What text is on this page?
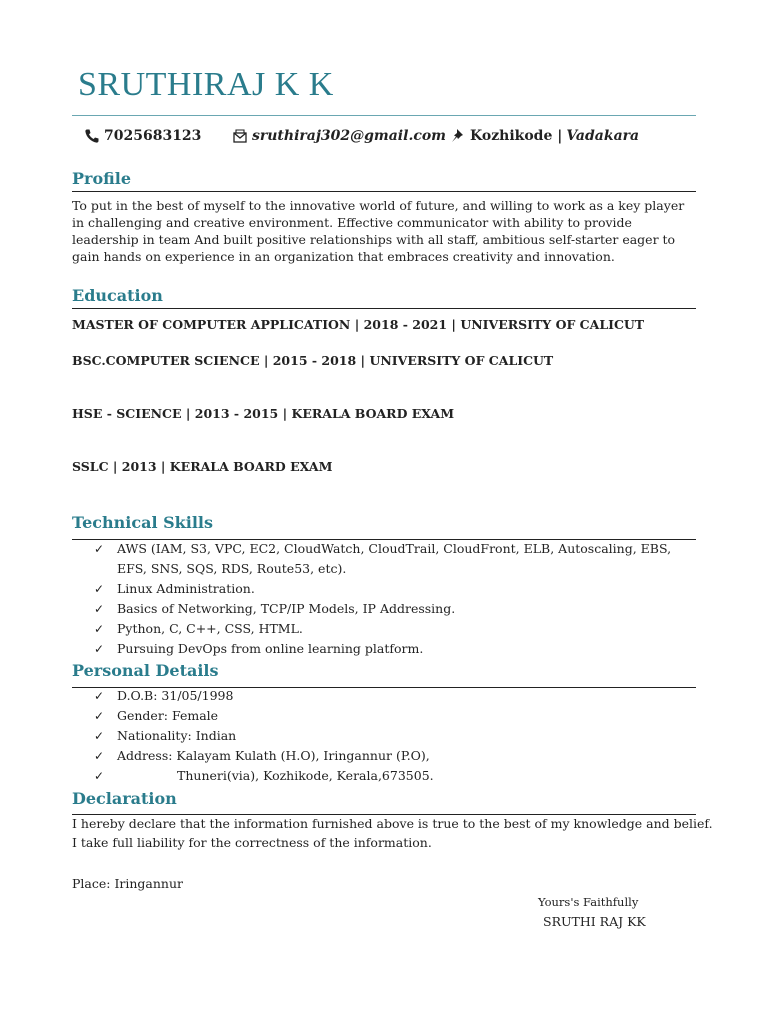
SRUTHIRAJ K K
7025683123	sruthiraj302@gmail.com Kozhikode | Vadakara
Profile

To put in the best of myself to the innovative world of future, and willing to work as a key player in challenging and creative environment. Effective communicator with ability to provide leadership in team And built positive relationships with all staff, ambitious self-starter eager to gain hands on experience in an organization that embraces creativity and innovation.

Education

MASTER OF COMPUTER APPLICATION | 2018 - 2021 | UNIVERSITY OF CALICUT

BSC.COMPUTER SCIENCE | 2015 - 2018 | UNIVERSITY OF CALICUT

HSE - SCIENCE | 2013 - 2015 | KERALA BOARD EXAM

SSLC | 2013 | KERALA BOARD EXAM

Technical Skills
✓ AWS (IAM, S3, VPC, EC2, CloudWatch, CloudTrail, CloudFront, ELB, Autoscaling, EBS, EFS, SNS, SQS, RDS, Route53, etc).
✓ Linux Administration.
✓ Basics of Networking, TCP/IP Models, IP Addressing.
✓ Python, C, C++, CSS, HTML.
✓ Pursuing DevOps from online learning platform.
Personal Details
✓ D.O.B: 31/05/1998
✓ Gender: Female
✓ Nationality: Indian
✓ Address: Kalayam Kulath (H.O), Iringannur (P.O),
✓	Thuneri(via), Kozhikode, Kerala,673505.
Declaration

I hereby declare that the information furnished above is true to the best of my knowledge and belief.

I take full liability for the correctness of the information.

Place: Iringannur

Yours's Faithfully

SRUTHI RAJ KK
